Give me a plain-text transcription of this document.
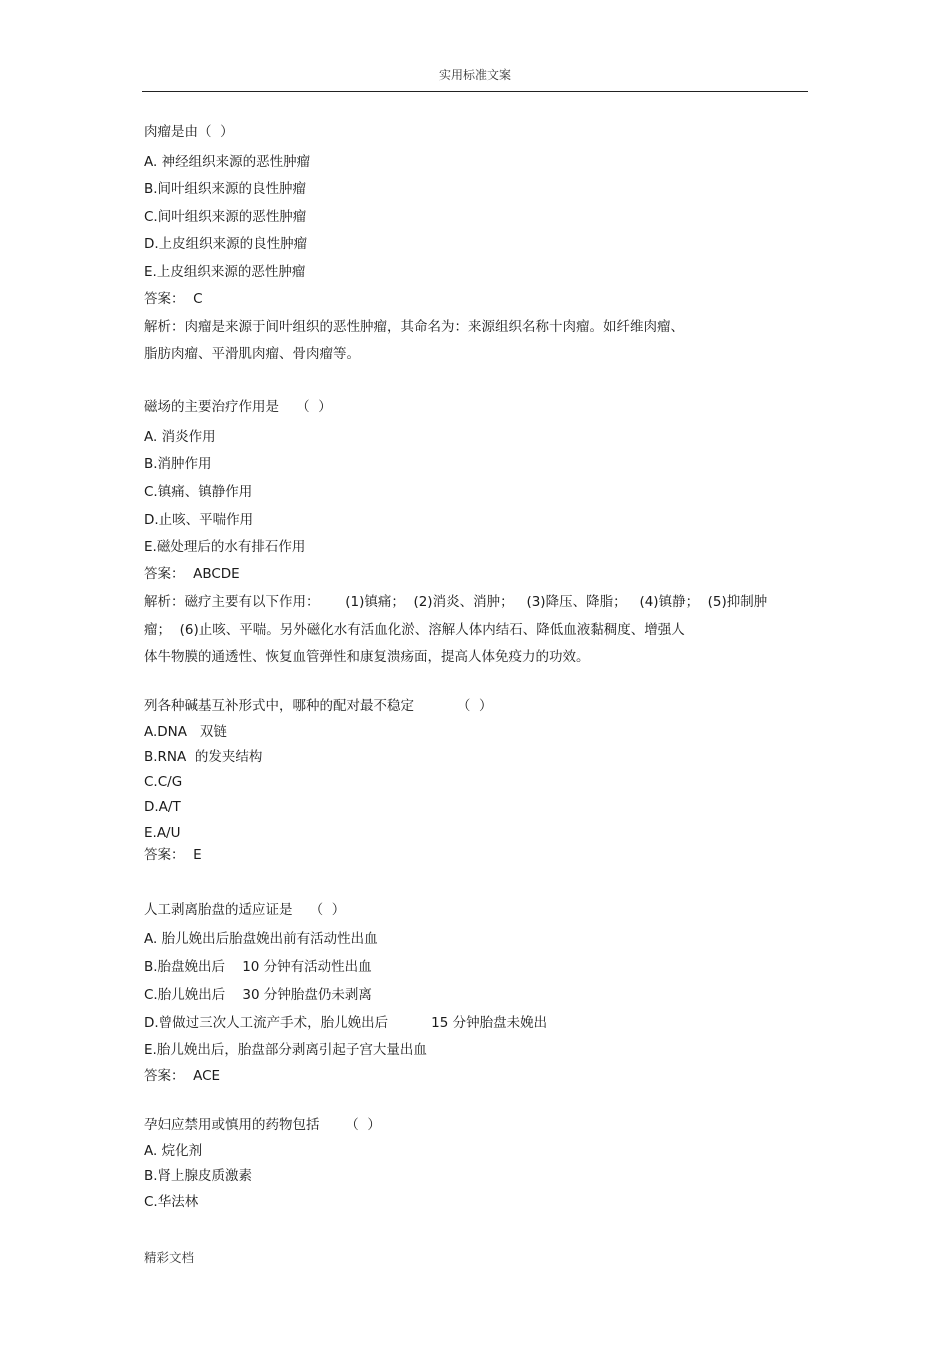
实用标准文案
肉瘤是由（  ）
A. 神经组织来源的恶性肿瘤
B.间叶组织来源的良性肿瘤
C.间叶组织来源的恶性肿瘤
D.上皮组织来源的良性肿瘤
E.上皮组织来源的恶性肿瘤
答案：  C
解析：肉瘤是来源于间叶组织的恶性肿瘤，其命名为：来源组织名称十肉瘤。如纤维肉瘤、
脂肪肉瘤、平滑肌肉瘤、骨肉瘤等。
磁场的主要治疗作用是    （  ）
A. 消炎作用
B.消肿作用
C.镇痛、镇静作用
D.止咳、平喘作用
E.磁处理后的水有排石作用
答案：  ABCDE
解析：磁疗主要有以下作用：      (1)镇痛；  (2)消炎、消肿；   (3)降压、降脂；   (4)镇静；  (5)抑制肿
瘤；  (6)止咳、平喘。另外磁化水有活血化淤、溶解人体内结石、降低血液黏稠度、增强人
体牛物膜的通透性、恢复血管弹性和康复溃疡面，提高人体免疫力的功效。
列各种碱基互补形式中，哪种的配对最不稳定          （  ）
A.DNA   双链
B.RNA  的发夹结构
C.C/G
D.A/T
E.A/U
答案：  E
人工剥离胎盘的适应证是    （  ）
A. 胎儿娩出后胎盘娩出前有活动性出血
B.胎盘娩出后    10 分钟有活动性出血
C.胎儿娩出后    30 分钟胎盘仍未剥离
D.曾做过三次人工流产手术，胎儿娩出后          15 分钟胎盘未娩出
E.胎儿娩出后，胎盘部分剥离引起子宫大量出血
答案：  ACE
孕妇应禁用或慎用的药物包括      （  ）
A. 烷化剂
B.肾上腺皮质激素
C.华法林
精彩文档
